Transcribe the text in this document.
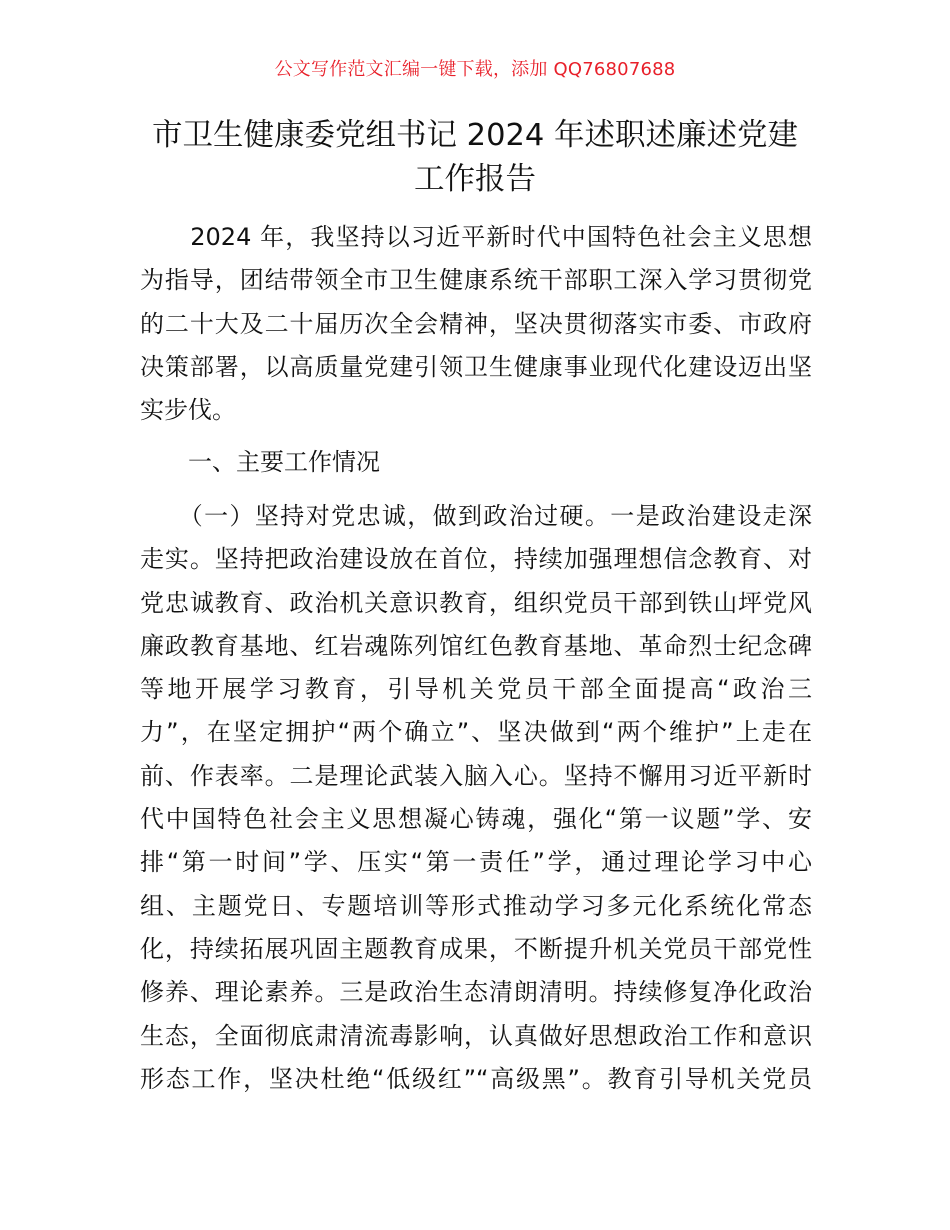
公文写作范文汇编一键下载，添加 QQ76807688
市卫生健康委党组书记 2024 年述职述廉述党建
工作报告
　　2024 年，我坚持以习近平新时代中国特色社会主义思想
为指导，团结带领全市卫生健康系统干部职工深入学习贯彻党
的二十大及二十届历次全会精神，坚决贯彻落实市委、市政府
决策部署，以高质量党建引领卫生健康事业现代化建设迈出坚
实步伐。
　　一、主要工作情况
　　（一）坚持对党忠诚，做到政治过硬。一是政治建设走深
走实。坚持把政治建设放在首位，持续加强理想信念教育、对
党忠诚教育、政治机关意识教育，组织党员干部到铁山坪党风
廉政教育基地、红岩魂陈列馆红色教育基地、革命烈士纪念碑
等地开展学习教育，引导机关党员干部全面提高“政治三
力”，在坚定拥护“两个确立”、坚决做到“两个维护”上走在
前、作表率。二是理论武装入脑入心。坚持不懈用习近平新时
代中国特色社会主义思想凝心铸魂，强化“第一议题”学、安
排“第一时间”学、压实“第一责任”学，通过理论学习中心
组、主题党日、专题培训等形式推动学习多元化系统化常态
化，持续拓展巩固主题教育成果，不断提升机关党员干部党性
修养、理论素养。三是政治生态清朗清明。持续修复净化政治
生态，全面彻底肃清流毒影响，认真做好思想政治工作和意识
形态工作，坚决杜绝“低级红”“高级黑”。教育引导机关党员
